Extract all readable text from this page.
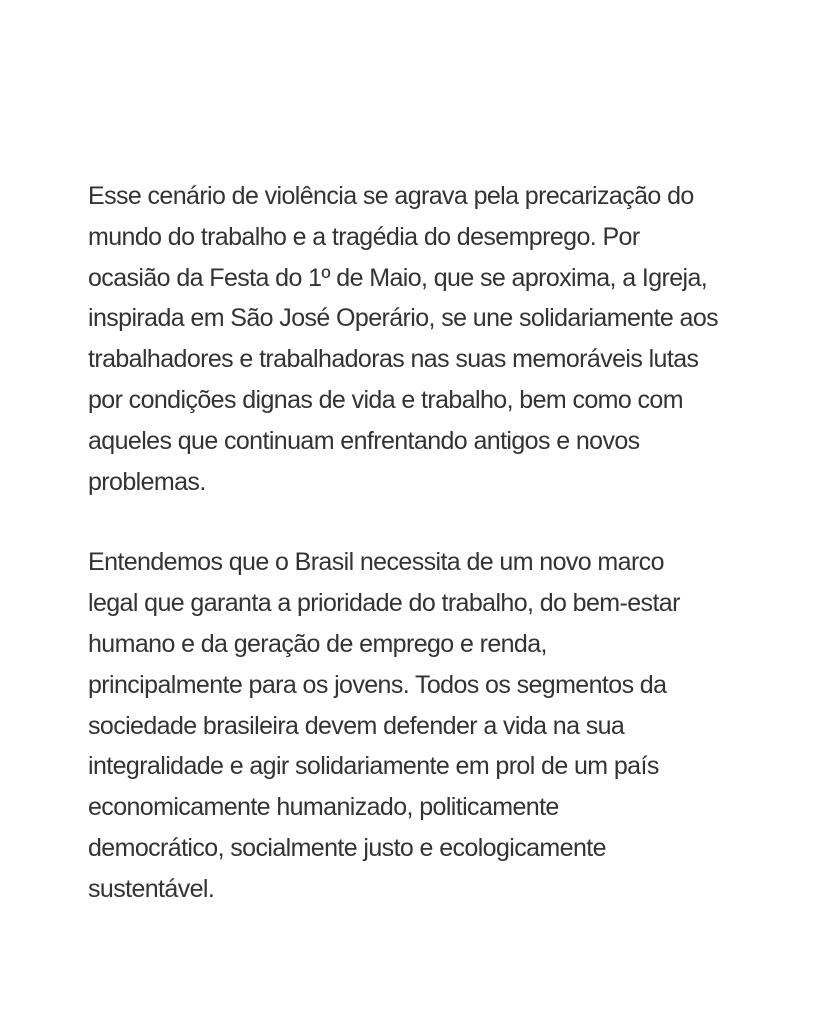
Esse cenário de violência se agrava pela precarização do
mundo do trabalho e a tragédia do desemprego. Por
ocasião da Festa do 1º de Maio, que se aproxima, a Igreja,
inspirada em São José Operário, se une solidariamente aos
trabalhadores e trabalhadoras nas suas memoráveis lutas
por condições dignas de vida e trabalho, bem como com
aqueles que continuam enfrentando antigos e novos
problemas.

Entendemos que o Brasil necessita de um novo marco
legal que garanta a prioridade do trabalho, do bem-estar
humano e da geração de emprego e renda,
principalmente para os jovens. Todos os segmentos da
sociedade brasileira devem defender a vida na sua
integralidade e agir solidariamente em prol de um país
economicamente humanizado, politicamente
democrático, socialmente justo e ecologicamente
sustentável.
